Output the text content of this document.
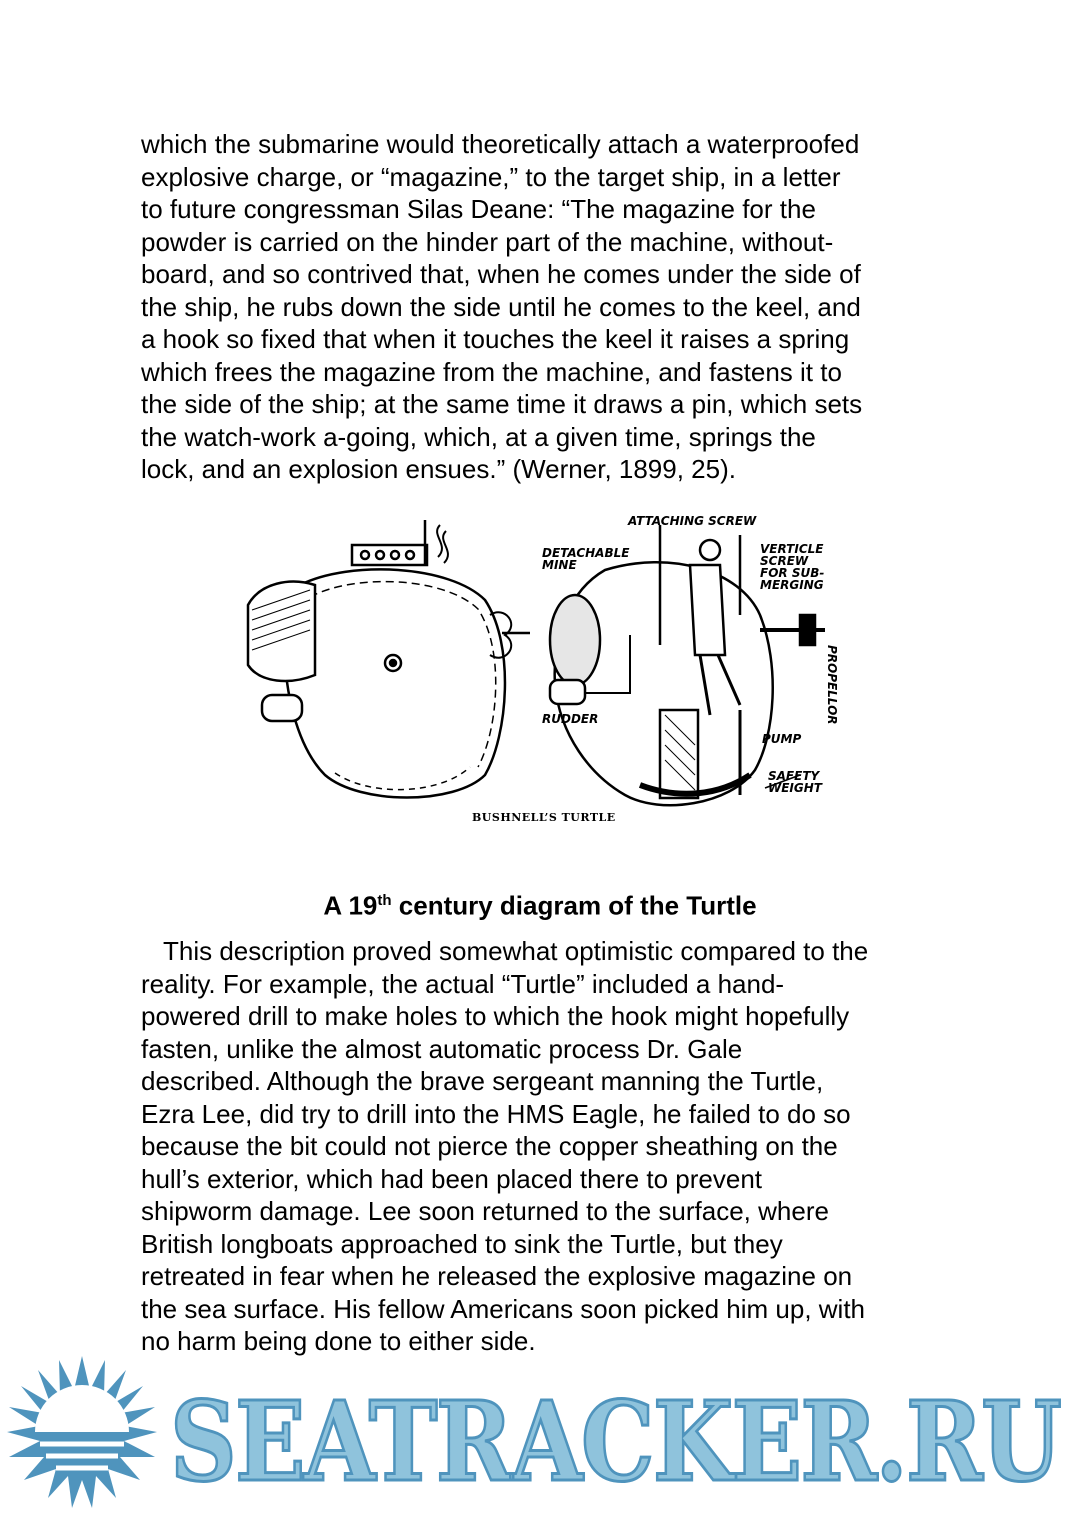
which the submarine would theoretically attach a waterproofed
explosive charge, or “magazine,” to the target ship, in a letter
to future congressman Silas Deane: “The magazine for the
powder is carried on the hinder part of the machine, without-
board, and so contrived that, when he comes under the side of
the ship, he rubs down the side until he comes to the keel, and
a hook so fixed that when it touches the keel it raises a spring
which frees the magazine from the machine, and fastens it to
the side of the ship; at the same time it draws a pin, which sets
the watch-work a-going, which, at a given time, springs the
lock, and an explosion ensues.” (Werner, 1899, 25).
ATTACHING SCREW
DETACHABLE
MINE
VERTICLE
SCREW
FOR SUB-
MERGING
PROPELLOR
RUDDER
PUMP
SAFETY
WEIGHT
BUSHNELL’S TURTLE

A 19th century diagram of the Turtle

This description proved somewhat optimistic compared to the
reality. For example, the actual “Turtle” included a hand-
powered drill to make holes to which the hook might hopefully
fasten, unlike the almost automatic process Dr. Gale
described. Although the brave sergeant manning the Turtle,
Ezra Lee, did try to drill into the HMS Eagle, he failed to do so
because the bit could not pierce the copper sheathing on the
hull’s exterior, which had been placed there to prevent
shipworm damage. Lee soon returned to the surface, where
British longboats approached to sink the Turtle, but they
retreated in fear when he released the explosive magazine on
the sea surface. His fellow Americans soon picked him up, with
no harm being done to either side.
SEATRACKER.RU
